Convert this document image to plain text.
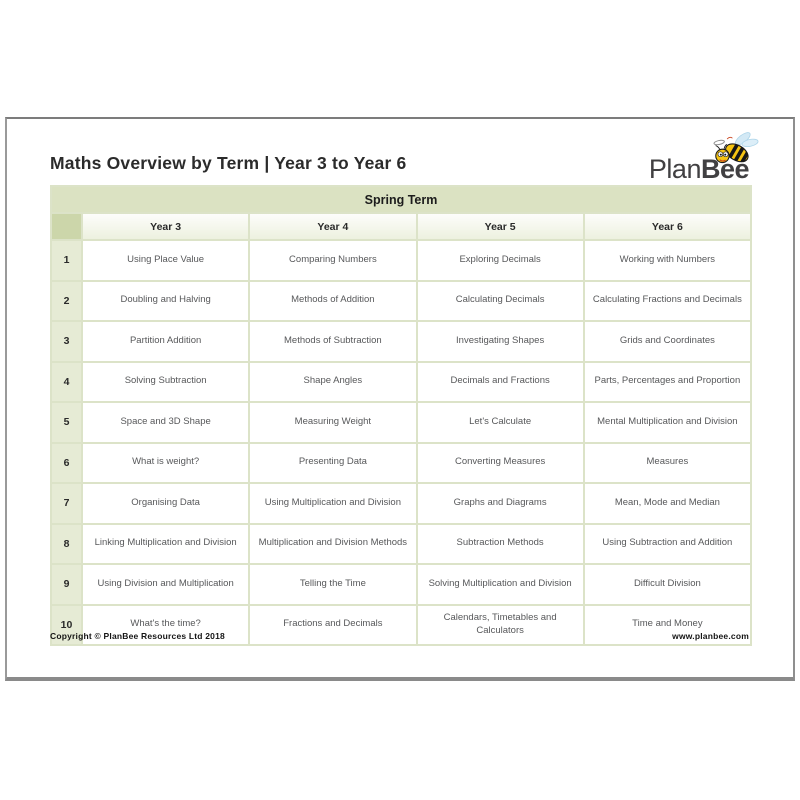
Maths Overview by Term | Year 3 to Year 6	PlanBee
Spring Term				
	Year 3	Year 4	Year 5	Year 6
1	Using Place Value	Comparing Numbers	Exploring Decimals	Working with Numbers
2	Doubling and Halving	Methods of Addition	Calculating Decimals	Calculating Fractions and Decimals
3	Partition Addition	Methods of Subtraction	Investigating Shapes	Grids and Coordinates
4	Solving Subtraction	Shape Angles	Decimals and Fractions	Parts, Percentages and Proportion
5	Space and 3D Shape	Measuring Weight	Let's Calculate	Mental Multiplication and Division
6	What is weight?	Presenting Data	Converting Measures	Measures
7	Organising Data	Using Multiplication and Division	Graphs and Diagrams	Mean, Mode and Median
8	Linking Multiplication and Division	Multiplication and Division Methods	Subtraction Methods	Using Subtraction and Addition
9	Using Division and Multiplication	Telling the Time	Solving Multiplication and Division	Difficult Division
10	What's the time?	Fractions and Decimals	Calendars, Timetables and Calculators	Time and Money
Copyright © PlanBee Resources Ltd 2018	www.planbee.com
